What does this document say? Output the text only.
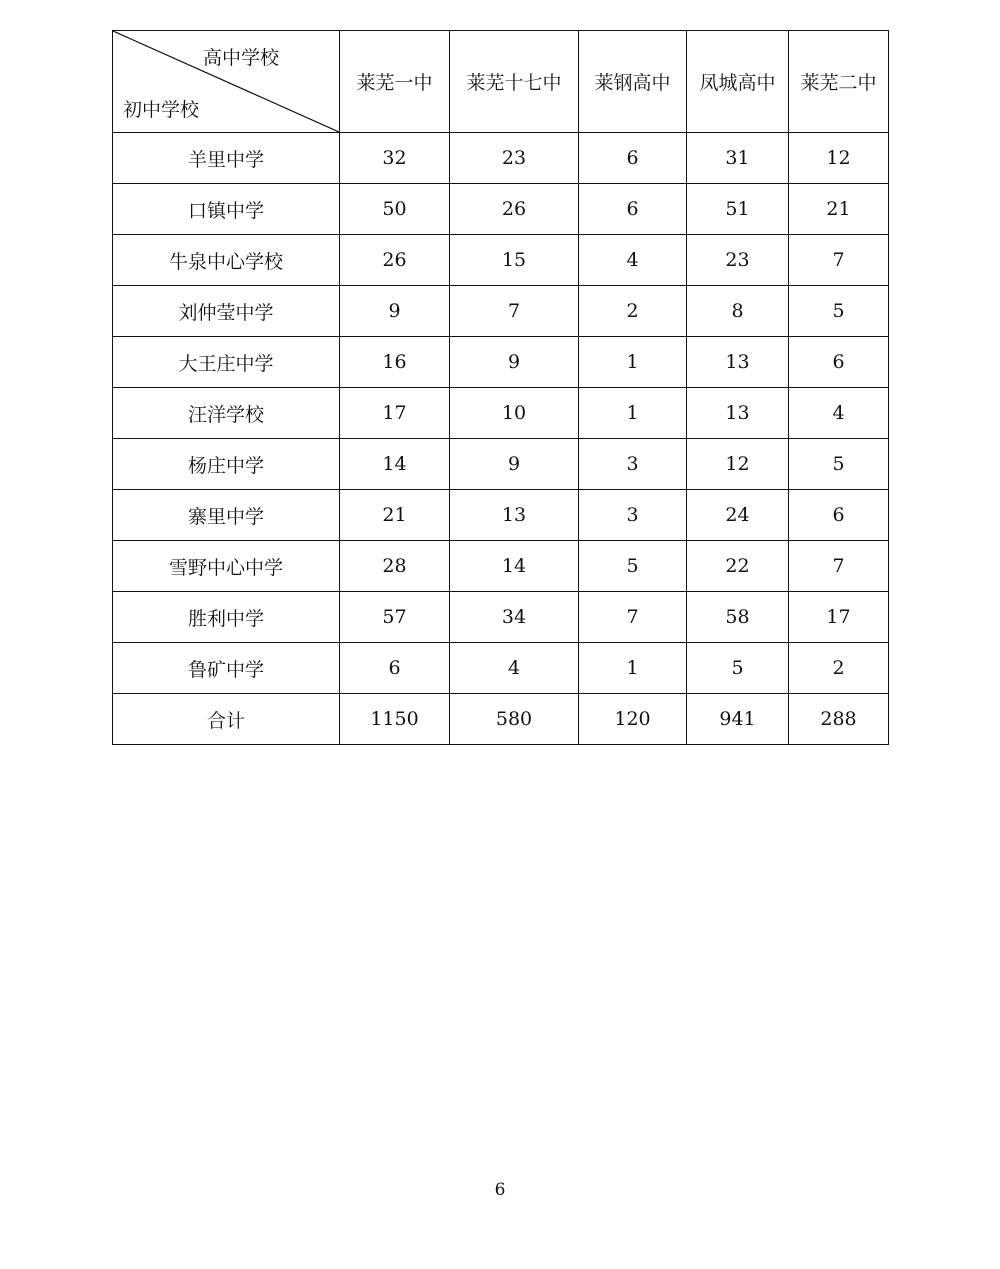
高中学校
初中学校	莱芜一中	莱芜十七中	莱钢高中	凤城高中	莱芜二中
羊里中学	32	23	6	31	12
口镇中学	50	26	6	51	21
牛泉中心学校	26	15	4	23	7
刘仲莹中学	9	7	2	8	5
大王庄中学	16	9	1	13	6
汪洋学校	17	10	1	13	4
杨庄中学	14	9	3	12	5
寨里中学	21	13	3	24	6
雪野中心中学	28	14	5	22	7
胜利中学	57	34	7	58	17
鲁矿中学	6	4	1	5	2
合计	1150	580	120	941	288
6
